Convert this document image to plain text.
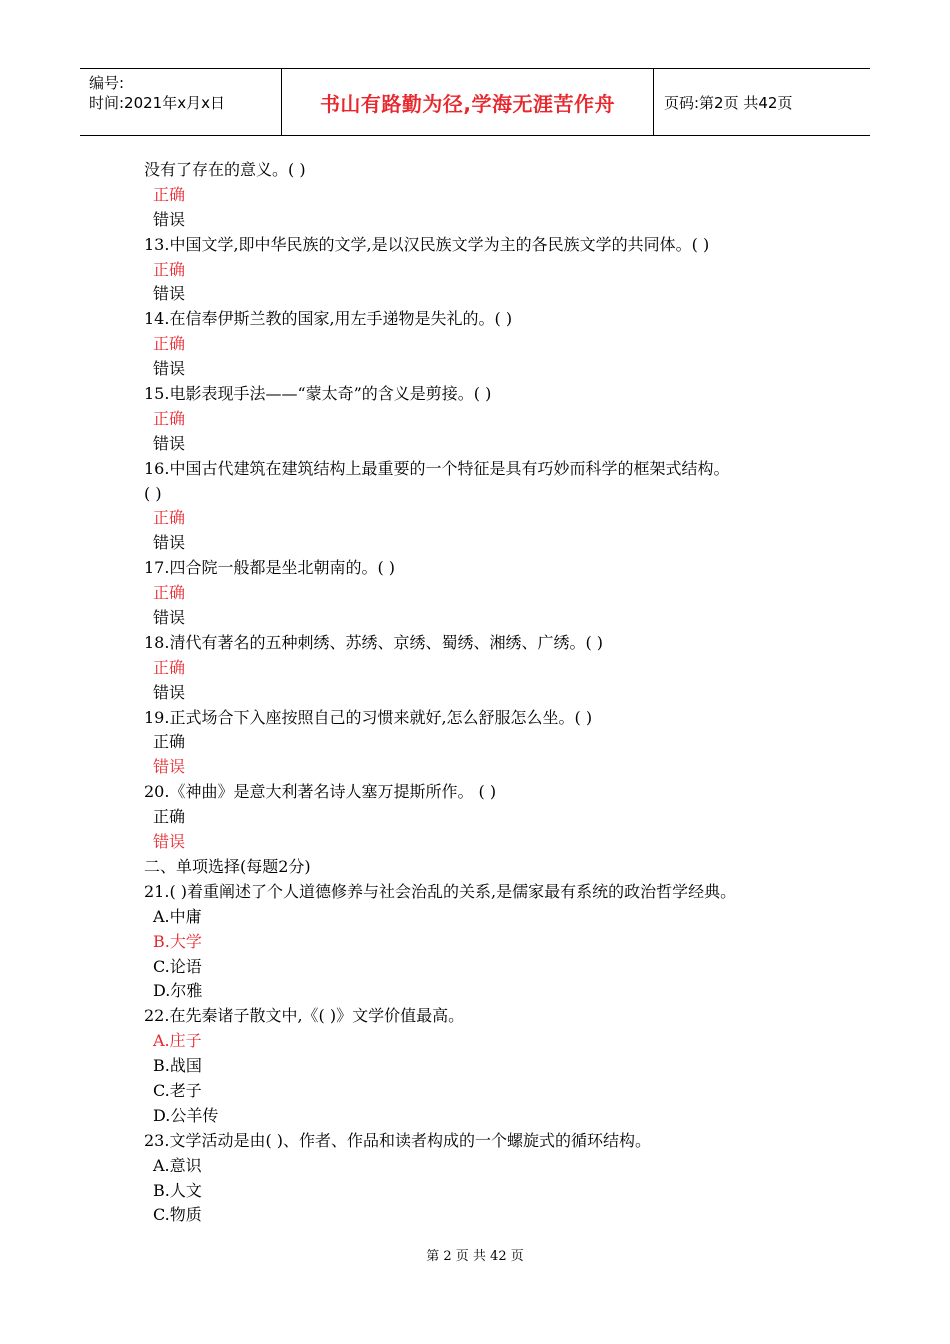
编号:
时间:2021年x月x日	书山有路勤为径,学海无涯苦作舟	页码:第2页 共42页
没有了存在的意义。( )
正确
错误
13.中国文学,即中华民族的文学,是以汉民族文学为主的各民族文学的共同体。( )
正确
错误
14.在信奉伊斯兰教的国家,用左手递物是失礼的。( )
正确
错误
15.电影表现手法——“蒙太奇”的含义是剪接。( )
正确
错误
16.中国古代建筑在建筑结构上最重要的一个特征是具有巧妙而科学的框架式结构。
( )
正确
错误
17.四合院一般都是坐北朝南的。( )
正确
错误
18.清代有著名的五种刺绣、苏绣、京绣、蜀绣、湘绣、广绣。( )
正确
错误
19.正式场合下入座按照自己的习惯来就好,怎么舒服怎么坐。( )
正确
错误
20.《神曲》是意大利著名诗人塞万提斯所作。 ( )
正确
错误
二、单项选择(每题2分)
21.( )着重阐述了个人道德修养与社会治乱的关系,是儒家最有系统的政治哲学经典。
A.中庸
B.大学
C.论语
D.尔雅
22.在先秦诸子散文中,《( )》文学价值最高。
A.庄子
B.战国
C.老子
D.公羊传
23.文学活动是由( )、作者、作品和读者构成的一个螺旋式的循环结构。
A.意识
B.人文
C.物质
第 2 页 共 42 页
